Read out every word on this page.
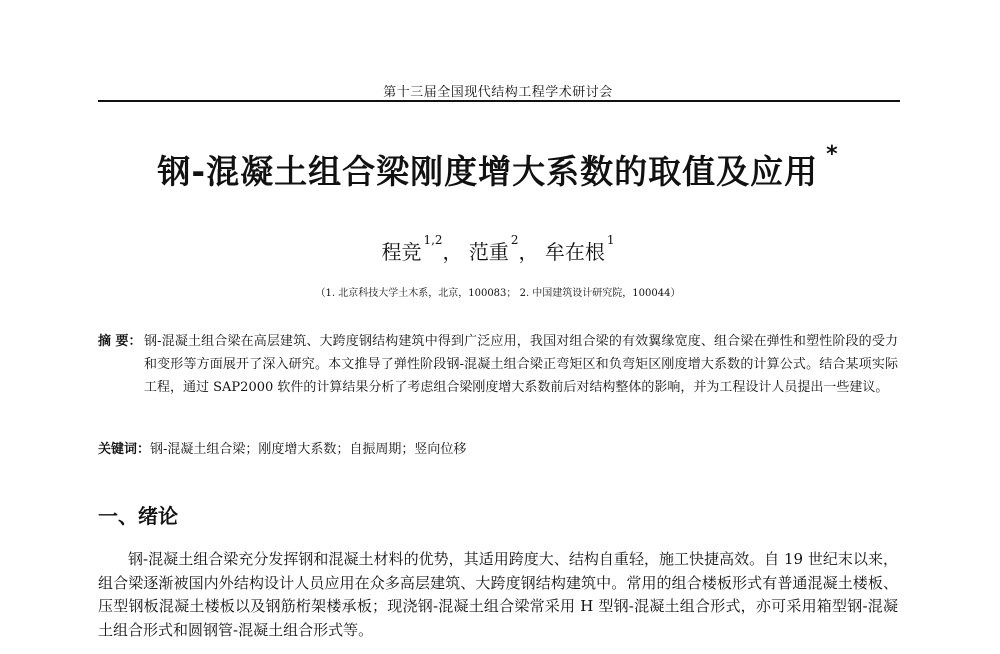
第十三届全国现代结构工程学术研讨会
钢-混凝土组合梁刚度增大系数的取值及应用 *
程竞 $^{1,2}$， 范重 $^2$， 牟在根 $^1$
（1. 北京科技大学土木系，北京，100083； 2. 中国建筑设计研究院，100044）
摘 要： 钢-混凝土组合梁在高层建筑、大跨度钢结构建筑中得到广泛应用，我国对组合梁的有效翼缘宽度、组合梁在弹性和塑性阶段的受力和变形等方面展开了深入研究。本文推导了弹性阶段钢-混凝土组合梁正弯矩区和负弯矩区刚度增大系数的计算公式。结合某项实际工程，通过 SAP2000 软件的计算结果分析了考虑组合梁刚度增大系数前后对结构整体的影响，并为工程设计人员提出一些建议。
关键词：钢-混凝土组合梁；刚度增大系数；自振周期；竖向位移
一、绪论
钢-混凝土组合梁充分发挥钢和混凝土材料的优势，其适用跨度大、结构自重轻，施工快捷高效。自 19 世纪末以来，组合梁逐渐被国内外结构设计人员应用在众多高层建筑、大跨度钢结构建筑中。常用的组合楼板形式有普通混凝土楼板、压型钢板混凝土楼板以及钢筋桁架楼承板；现浇钢-混凝土组合梁常采用 H 型钢-混凝土组合形式，亦可采用箱型钢-混凝土组合形式和圆钢管-混凝土组合形式等。
